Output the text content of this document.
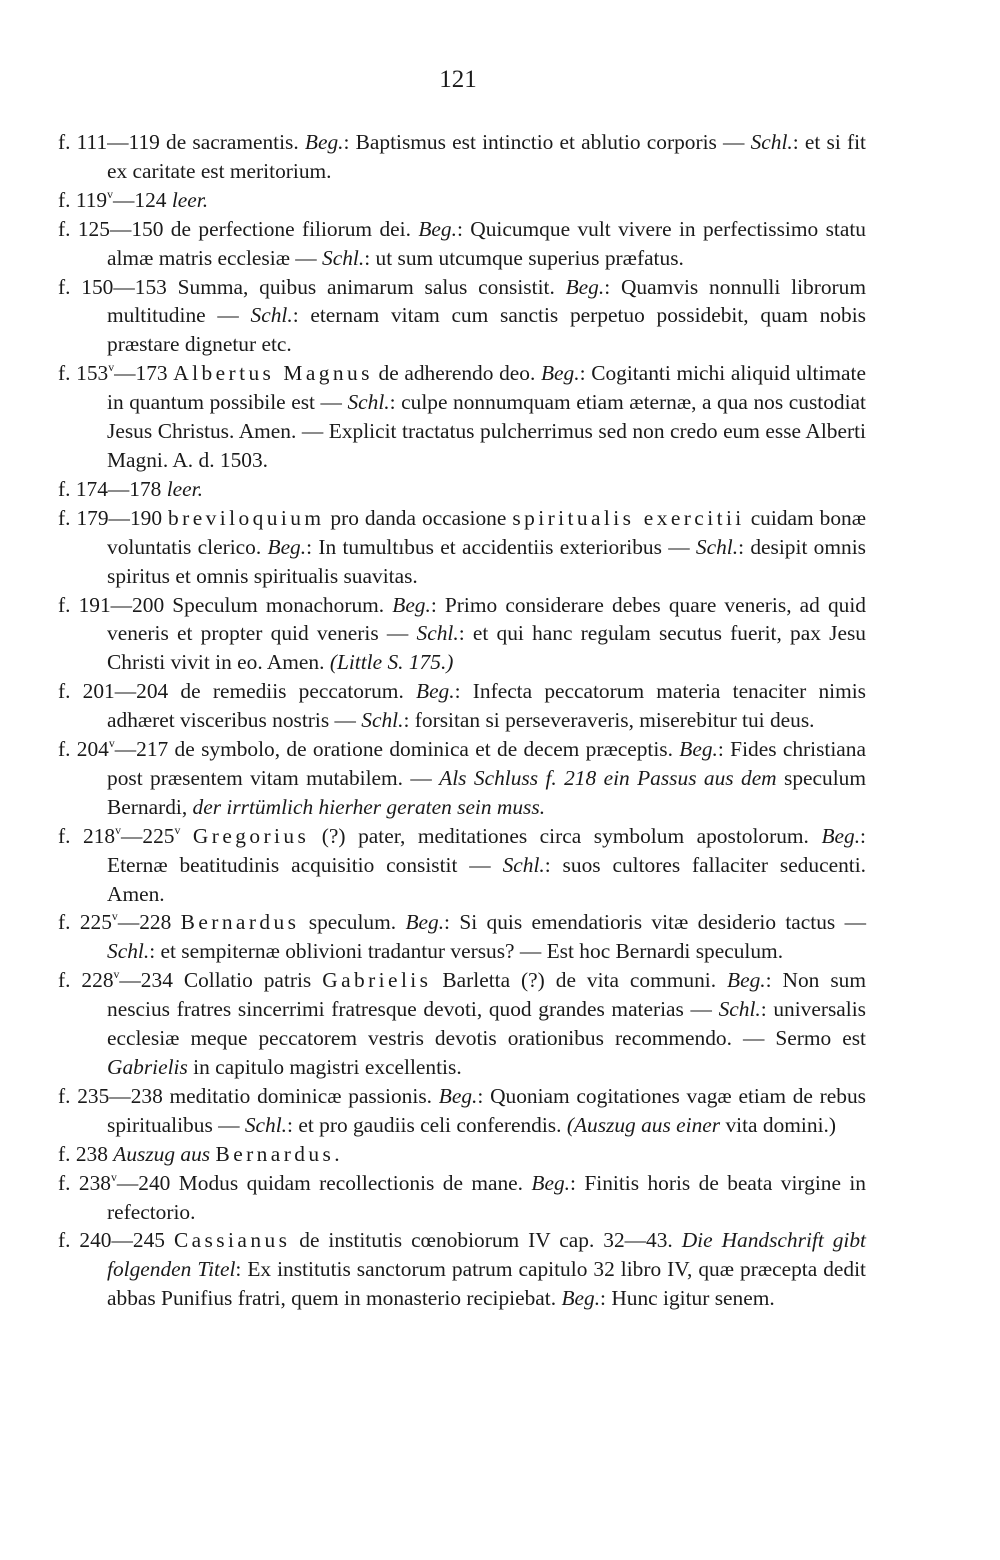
121
f. 111—119 de sacramentis. Beg.: Baptismus est intinctio et ablutio corporis — Schl.: et si fit ex caritate est meritorium.
f. 119$^v$—124 leer.
f. 125—150 de perfectione filiorum dei. Beg.: Quicumque vult vivere in perfectissimo statu almæ matris ecclesiæ — Schl.: ut sum utcumque superius præfatus.
f. 150—153 Summa, quibus animarum salus consistit. Beg.: Quamvis nonnulli librorum multitudine — Schl.: eternam vitam cum sanctis perpetuo possidebit, quam nobis præstare dignetur etc.
f. 153$^v$—173 Albertus Magnus de adherendo deo. Beg.: Cogitanti michi aliquid ultimate in quantum possibile est — Schl.: culpe nonnumquam etiam æternæ, a qua nos custodiat Jesus Christus. Amen. — Explicit tractatus pulcherrimus sed non credo eum esse Alberti Magni. A. d. 1503.
f. 174—178 leer.
f. 179—190 breviloquium pro danda occasione spiritualis exercitii cuidam bonæ voluntatis clerico. Beg.: In tumultıbus et accidentiis exterioribus — Schl.: desipit omnis spiritus et omnis spiritualis suavitas.
f. 191—200 Speculum monachorum. Beg.: Primo considerare debes quare veneris, ad quid veneris et propter quid veneris — Schl.: et qui hanc regulam secutus fuerit, pax Jesu Christi vivit in eo. Amen. (Little S. 175.)
f. 201—204 de remediis peccatorum. Beg.: Infecta peccatorum materia tenaciter nimis adhæret visceribus nostris — Schl.: forsitan si perseveraveris, miserebitur tui deus.
f. 204$^v$—217 de symbolo, de oratione dominica et de decem præceptis. Beg.: Fides christiana post præsentem vitam mutabilem. — Als Schluss f. 218 ein Passus aus dem speculum Bernardi, der irrtümlich hierher geraten sein muss.
f. 218$^v$—225$^v$ Gregorius (?) pater, meditationes circa symbolum apostolorum. Beg.: Eternæ beatitudinis acquisitio consistit — Schl.: suos cultores fallaciter seducenti. Amen.
f. 225$^v$—228 Bernardus speculum. Beg.: Si quis emendatioris vitæ desiderio tactus — Schl.: et sempiternæ oblivioni tradantur versus? — Est hoc Bernardi speculum.
f. 228$^v$—234 Collatio patris Gabrielis Barletta (?) de vita communi. Beg.: Non sum nescius fratres sincerrimi fratresque devoti, quod grandes materias — Schl.: universalis ecclesiæ meque peccatorem vestris devotis orationibus recommendo. — Sermo est Gabrielis in capitulo magistri excellentis.
f. 235—238 meditatio dominicæ passionis. Beg.: Quoniam cogitationes vagæ etiam de rebus spiritualibus — Schl.: et pro gaudiis celi conferendis. (Auszug aus einer vita domini.)
f. 238 Auszug aus Bernardus.
f. 238$^v$—240 Modus quidam recollectionis de mane. Beg.: Finitis horis de beata virgine in refectorio.
f. 240—245 Cassianus de institutis cœnobiorum IV cap. 32—43. Die Handschrift gibt folgenden Titel: Ex institutis sanctorum patrum capitulo 32 libro IV, quæ præcepta dedit abbas Punifius fratri, quem in monasterio recipiebat. Beg.: Hunc igitur senem.
